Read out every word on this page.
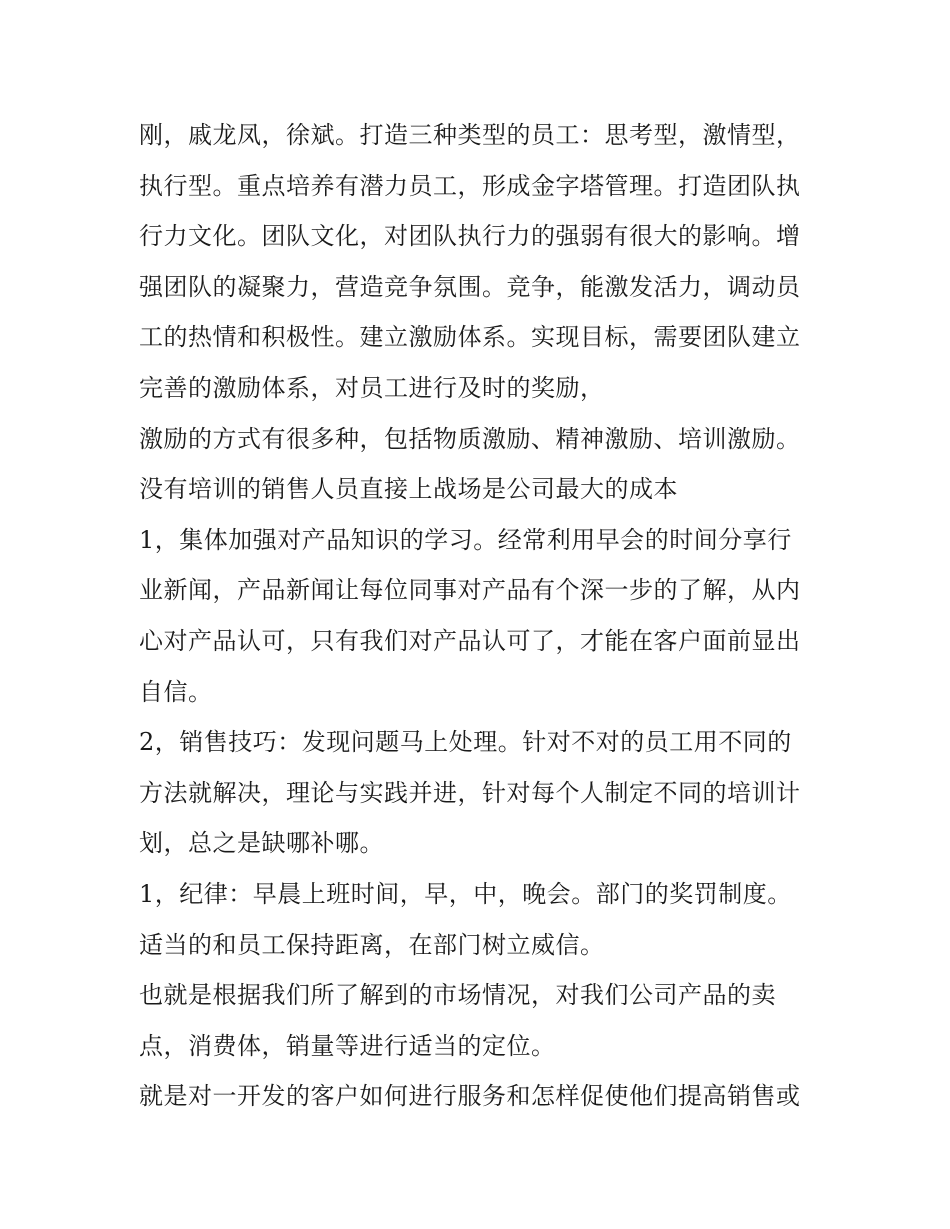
刚，戚龙凤，徐斌。打造三种类型的员工：思考型，激情型，
执行型。重点培养有潜力员工，形成金字塔管理。打造团队执
行力文化。团队文化，对团队执行力的强弱有很大的影响。增
强团队的凝聚力，营造竞争氛围。竞争，能激发活力，调动员
工的热情和积极性。建立激励体系。实现目标，需要团队建立
完善的激励体系，对员工进行及时的奖励，
激励的方式有很多种，包括物质激励、精神激励、培训激励。
没有培训的销售人员直接上战场是公司最大的成本
1，集体加强对产品知识的学习。经常利用早会的时间分享行
业新闻，产品新闻让每位同事对产品有个深一步的了解，从内
心对产品认可，只有我们对产品认可了，才能在客户面前显出
自信。
2，销售技巧：发现问题马上处理。针对不对的员工用不同的
方法就解决，理论与实践并进，针对每个人制定不同的培训计
划，总之是缺哪补哪。
1，纪律：早晨上班时间，早，中，晚会。部门的奖罚制度。
适当的和员工保持距离，在部门树立威信。
也就是根据我们所了解到的市场情况，对我们公司产品的卖
点，消费体，销量等进行适当的定位。
就是对一开发的客户如何进行服务和怎样促使他们提高销售或
